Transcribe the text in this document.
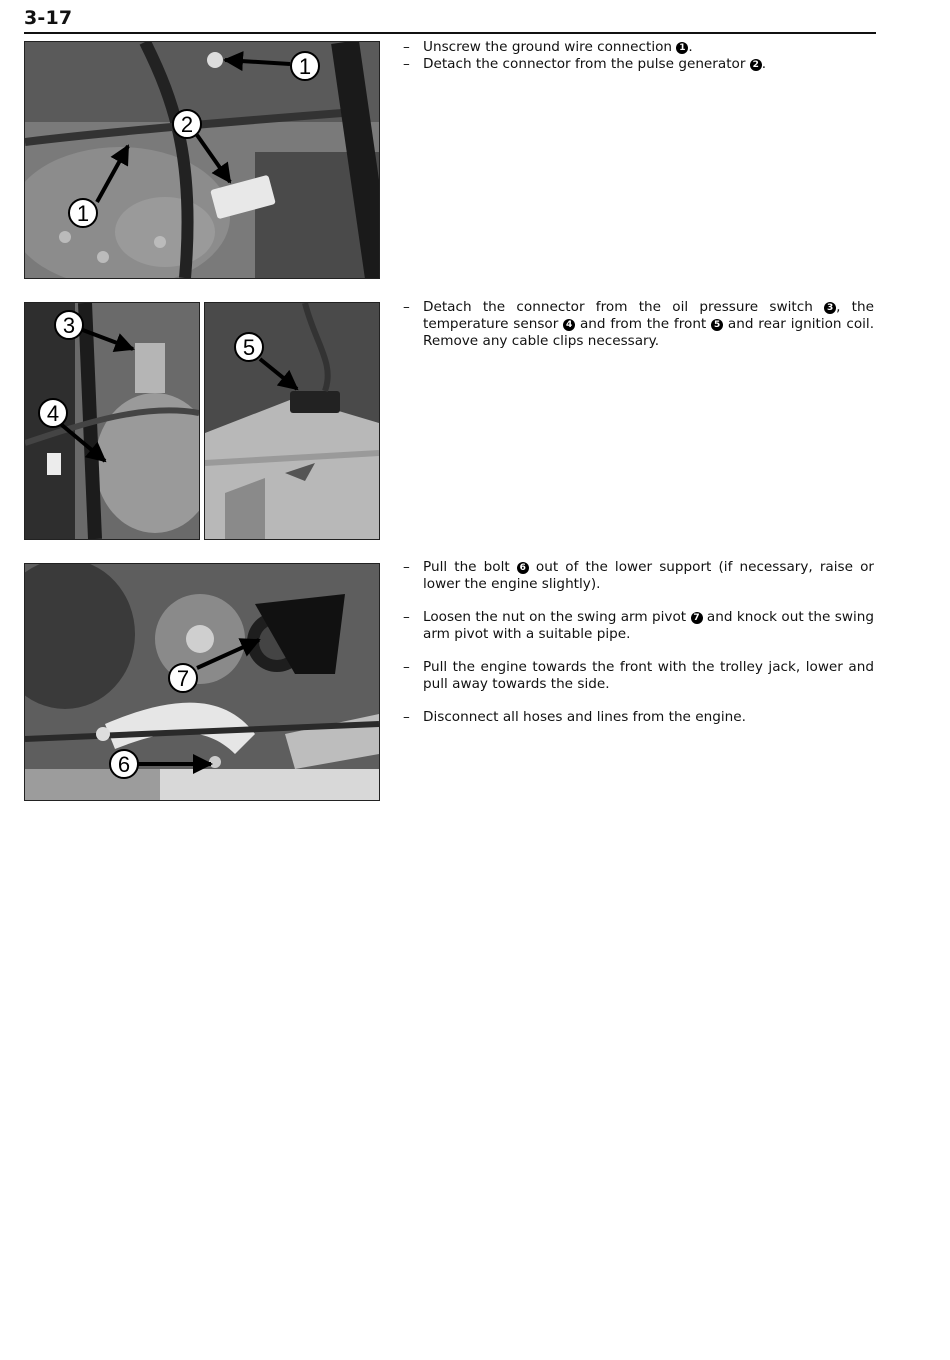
3-17
1
2
1
– Unscrew the ground wire connection 1 .
– Detach the connector from the pulse generator 2 .
3
4
5
– Detach the connector from the oil pressure switch 3 , the temperature sensor 4 and from the front 5 and rear ignition coil. Remove any cable clips necessary.
7
6
– Pull the bolt 6 out of the lower support (if necessary, raise or lower the engine slightly).
– Loosen the nut on the swing arm pivot 7 and knock out the swing arm pivot with a suitable pipe.
– Pull the engine towards the front with the trolley jack, lower and pull away towards the side.
– Disconnect all hoses and lines from the engine.
